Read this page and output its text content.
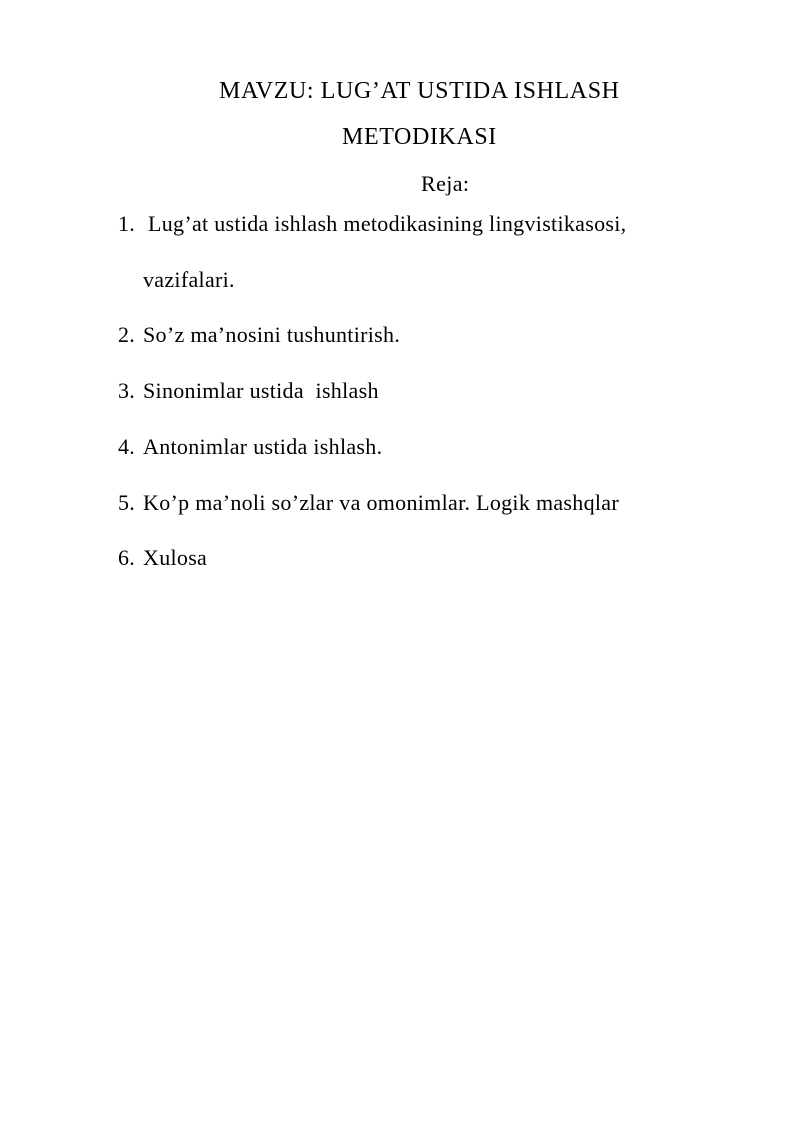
MAVZU: LUG’AT USTIDA ISHLASH
METODIKASI
Reja:
1. Lug’at ustida ishlash metodikasining lingvistikasosi,
vazifalari.
2. So’z ma’nosini tushuntirish.
3. Sinonimlar ustida  ishlash
4. Antonimlar ustida ishlash.
5. Ko’p ma’noli so’zlar va omonimlar. Logik mashqlar
6. Xulosa
